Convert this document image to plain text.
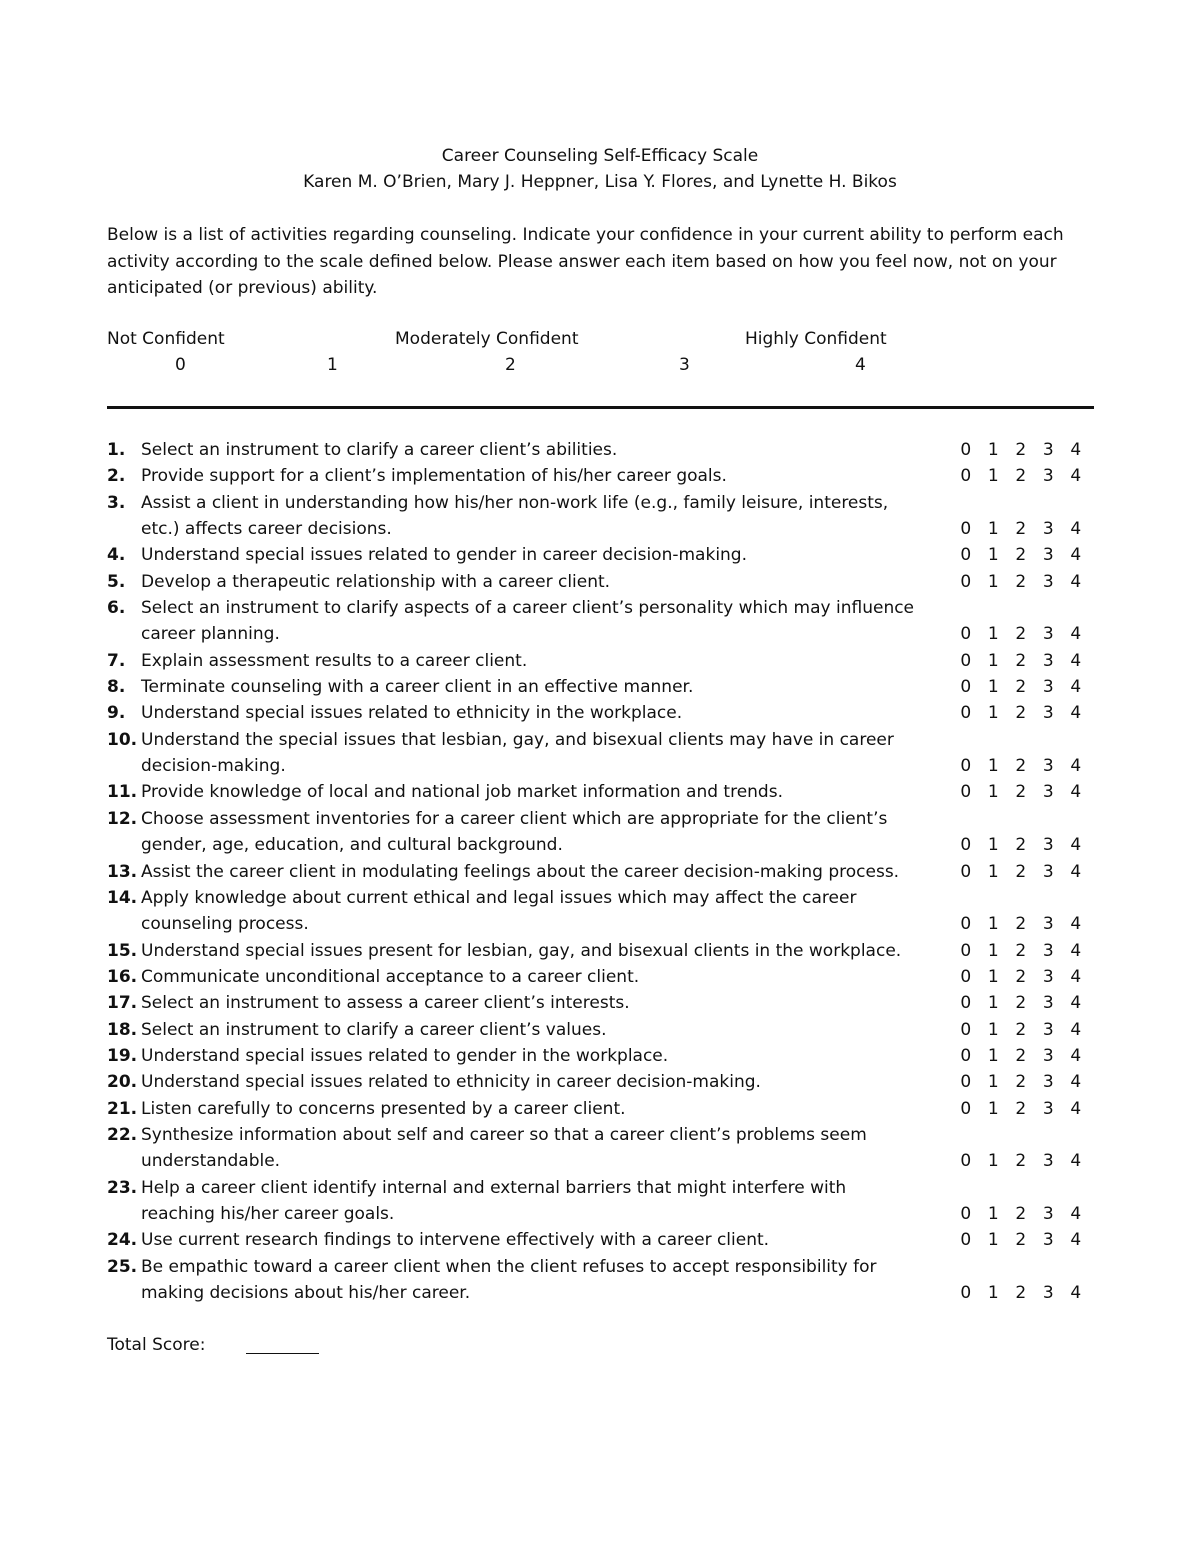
Career Counseling Self-Efficacy Scale
Karen M. O’Brien, Mary J. Heppner, Lisa Y. Flores, and Lynette H. Bikos
Below is a list of activities regarding counseling. Indicate your confidence in your current ability to perform each
activity according to the scale defined below. Please answer each item based on how you feel now, not on your
anticipated (or previous) ability.
Not Confident	Moderately Confident	Highly Confident
0	1	2	3	4
1. Select an instrument to clarify a career client’s abilities.	0 1 2 3 4
2. Provide support for a client’s implementation of his/her career goals.	0 1 2 3 4
3. Assist a client in understanding how his/her non-work life (e.g., family leisure, interests,
etc.) affects career decisions.	0 1 2 3 4
4. Understand special issues related to gender in career decision-making.	0 1 2 3 4
5. Develop a therapeutic relationship with a career client.	0 1 2 3 4
6. Select an instrument to clarify aspects of a career client’s personality which may influence
career planning.	0 1 2 3 4
7. Explain assessment results to a career client.	0 1 2 3 4
8. Terminate counseling with a career client in an effective manner.	0 1 2 3 4
9. Understand special issues related to ethnicity in the workplace.	0 1 2 3 4
10. Understand the special issues that lesbian, gay, and bisexual clients may have in career
decision-making.	0 1 2 3 4
11. Provide knowledge of local and national job market information and trends.	0 1 2 3 4
12. Choose assessment inventories for a career client which are appropriate for the client’s
gender, age, education, and cultural background.	0 1 2 3 4
13. Assist the career client in modulating feelings about the career decision-making process.	0 1 2 3 4
14. Apply knowledge about current ethical and legal issues which may affect the career
counseling process.	0 1 2 3 4
15. Understand special issues present for lesbian, gay, and bisexual clients in the workplace.	0 1 2 3 4
16. Communicate unconditional acceptance to a career client.	0 1 2 3 4
17. Select an instrument to assess a career client’s interests.	0 1 2 3 4
18. Select an instrument to clarify a career client’s values.	0 1 2 3 4
19. Understand special issues related to gender in the workplace.	0 1 2 3 4
20. Understand special issues related to ethnicity in career decision-making.	0 1 2 3 4
21. Listen carefully to concerns presented by a career client.	0 1 2 3 4
22. Synthesize information about self and career so that a career client’s problems seem
understandable.	0 1 2 3 4
23. Help a career client identify internal and external barriers that might interfere with
reaching his/her career goals.	0 1 2 3 4
24. Use current research findings to intervene effectively with a career client.	0 1 2 3 4
25. Be empathic toward a career client when the client refuses to accept responsibility for
making decisions about his/her career.	0 1 2 3 4
Total Score:
